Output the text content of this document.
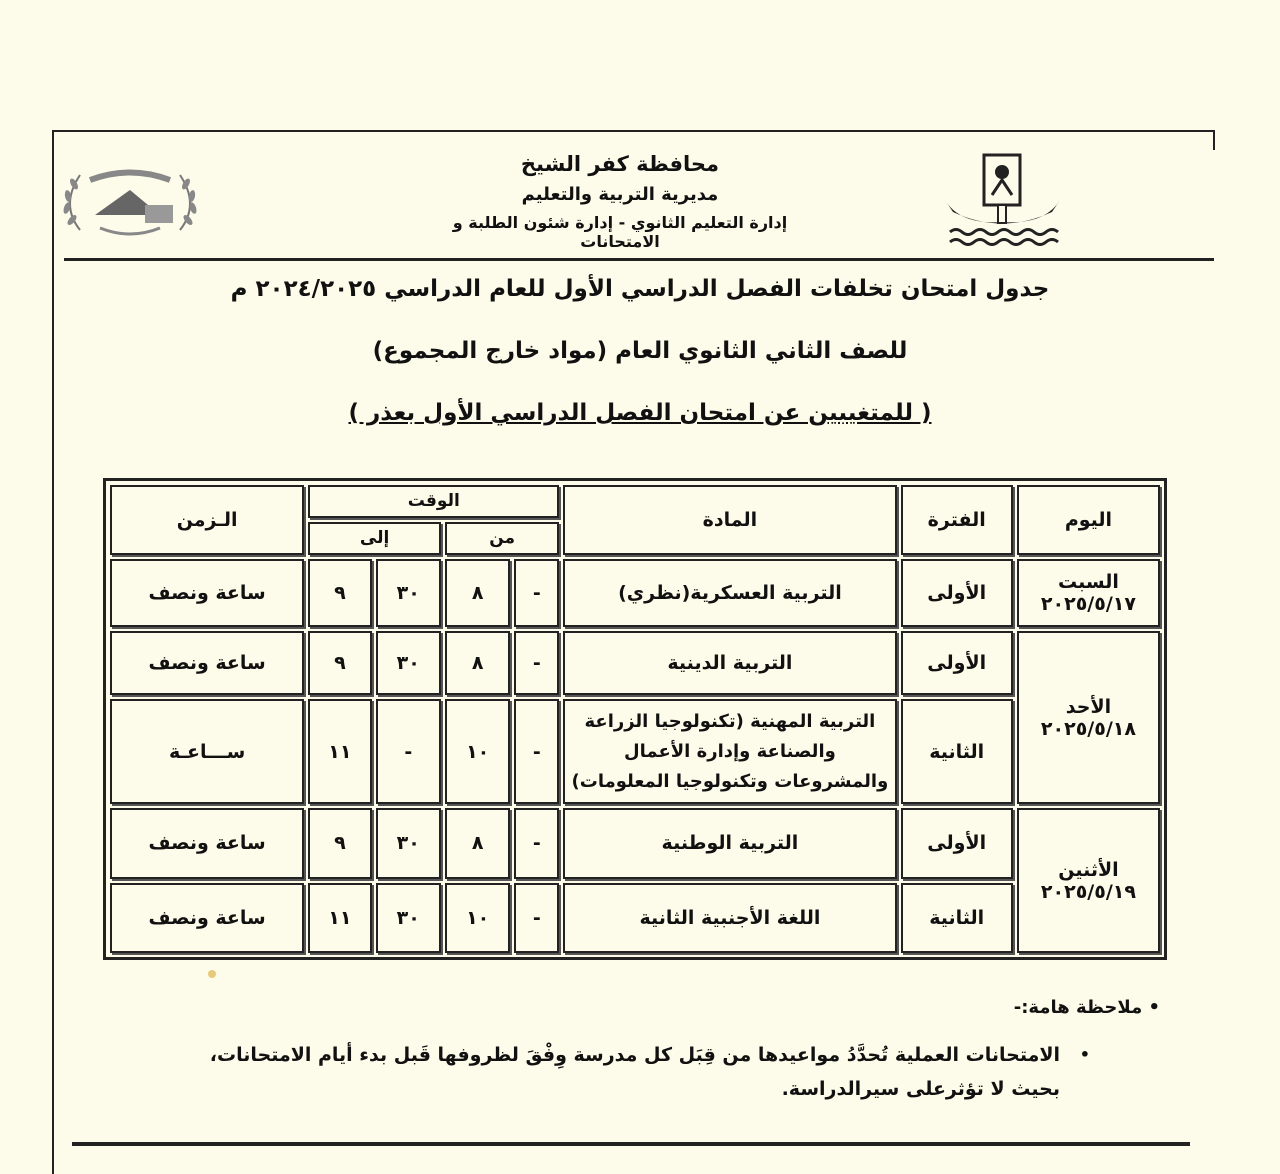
محافظة كفر الشيخ
مديرية التربية والتعليم
إدارة التعليم الثانوي - إدارة شئون الطلبة و الامتحانات
جدول امتحان تخلفات الفصل الدراسي الأول للعام الدراسي ٢٠٢٤/٢٠٢٥ م
للصف الثاني الثانوي العام (مواد خارج المجموع)
( للمتغيبين عن امتحان الفصل الدراسي الأول بعذر )
اليوم	الفترة	المادة	الوقت				الـزمن
			من		إلى		

السبت
٢٠٢٥/٥/١٧	الأولى	التربية العسكرية(نظري)	-	٨	٣٠	٩	ساعة ونصف

الأحد
٢٠٢٥/٥/١٨	الأولى	التربية الدينية	-	٨	٣٠	٩	ساعة ونصف
	الثانية	التربية المهنية (تكنولوجيا الزراعة
والصناعة وإدارة الأعمال
والمشروعات وتكنولوجيا المعلومات)	-	١٠	-	١١	ســـاعـة

الأثنين
٢٠٢٥/٥/١٩	الأولى	التربية الوطنية	-	٨	٣٠	٩	ساعة ونصف
	الثانية	اللغة الأجنبية الثانية	-	١٠	٣٠	١١	ساعة ونصف
• ملاحظة هامة:-
•
الامتحانات العملية تُحدَّدُ مواعيدها من قِبَل كل مدرسة وِفْقَ لظروفها قَبل بدء أيام الامتحانات،
بحيث لا تؤثرعلى سيرالدراسة.
